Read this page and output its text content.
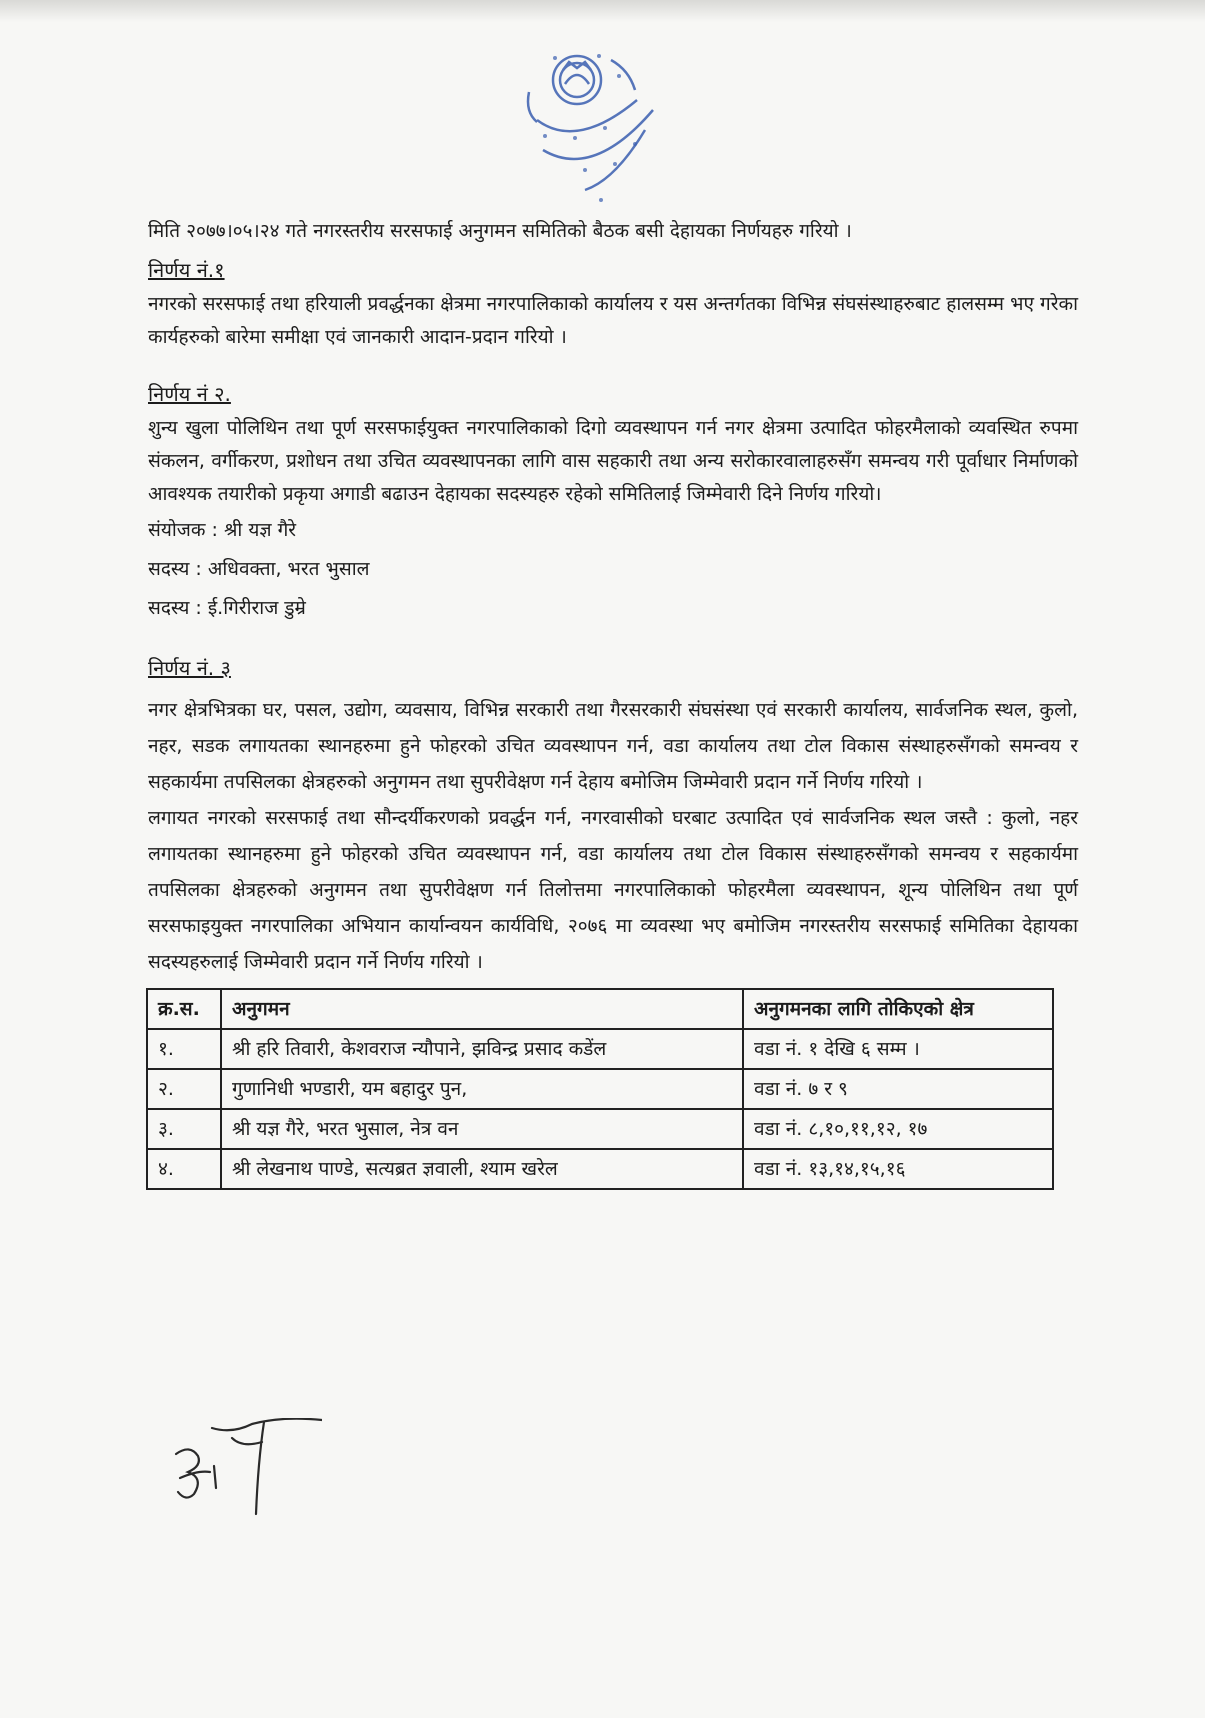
मिति २०७७।०५।२४ गते नगरस्तरीय सरसफाई अनुगमन समितिको बैठक बसी देहायका निर्णयहरु गरियो ।

निर्णय नं.१

नगरको सरसफाई तथा हरियाली प्रवर्द्धनका क्षेत्रमा नगरपालिकाको कार्यालय र यस अन्तर्गतका विभिन्न संघसंस्थाहरुबाट हालसम्म भए गरेका कार्यहरुको बारेमा समीक्षा एवं जानकारी आदान-प्रदान गरियो ।

निर्णय नं २.

शुन्य खुला पोलिथिन तथा पूर्ण सरसफाईयुक्त नगरपालिकाको दिगो व्यवस्थापन गर्न नगर क्षेत्रमा उत्पादित फोहरमैलाको व्यवस्थित रुपमा संकलन, वर्गीकरण, प्रशोधन तथा उचित व्यवस्थापनका लागि वास सहकारी तथा अन्य सरोकारवालाहरुसँग समन्वय गरी पूर्वाधार निर्माणको आवश्यक तयारीको प्रकृया अगाडी बढाउन देहायका सदस्यहरु रहेको समितिलाई जिम्मेवारी दिने निर्णय गरियो।

संयोजक : श्री यज्ञ गैरे

सदस्य : अधिवक्ता, भरत भुसाल

सदस्य : ई.गिरीराज डुम्रे

निर्णय नं. ३

नगर क्षेत्रभित्रका घर, पसल, उद्योग, व्यवसाय, विभिन्न सरकारी तथा गैरसरकारी संघसंस्था एवं सरकारी कार्यालय, सार्वजनिक स्थल, कुलो, नहर, सडक लगायतका स्थानहरुमा हुने फोहरको उचित व्यवस्थापन गर्न, वडा कार्यालय तथा टोल विकास संस्थाहरुसँगको समन्वय र सहकार्यमा तपसिलका क्षेत्रहरुको अनुगमन तथा सुपरीवेक्षण गर्न देहाय बमोजिम जिम्मेवारी प्रदान गर्ने निर्णय गरियो ।

लगायत नगरको सरसफाई तथा सौन्दर्यीकरणको प्रवर्द्धन गर्न, नगरवासीको घरबाट उत्पादित एवं सार्वजनिक स्थल जस्तै : कुलो, नहर लगायतका स्थानहरुमा हुने फोहरको उचित व्यवस्थापन गर्न, वडा कार्यालय तथा टोल विकास संस्थाहरुसँगको समन्वय र सहकार्यमा तपसिलका क्षेत्रहरुको अनुगमन तथा सुपरीवेक्षण गर्न तिलोत्तमा नगरपालिकाको फोहरमैला व्यवस्थापन, शून्य पोलिथिन तथा पूर्ण सरसफाइयुक्त नगरपालिका अभियान कार्यान्वयन कार्यविधि, २०७६ मा व्यवस्था भए बमोजिम नगरस्तरीय सरसफाई समितिका देहायका सदस्यहरुलाई जिम्मेवारी प्रदान गर्ने निर्णय गरियो ।

क्र.स.	अनुगमन	अनुगमनका लागि तोकिएको क्षेत्र
१.	श्री हरि तिवारी, केशवराज न्यौपाने, झविन्द्र प्रसाद कडेंल	वडा नं. १ देखि ६ सम्म ।
२.	गुणानिधी भण्डारी, यम बहादुर पुन,	वडा नं. ७ र ९
३.	श्री यज्ञ गैरे, भरत भुसाल, नेत्र वन	वडा नं. ८,१०,११,१२, १७
४.	श्री लेखनाथ पाण्डे, सत्यब्रत ज्ञवाली, श्याम खरेल	वडा नं. १३,१४,१५,१६
